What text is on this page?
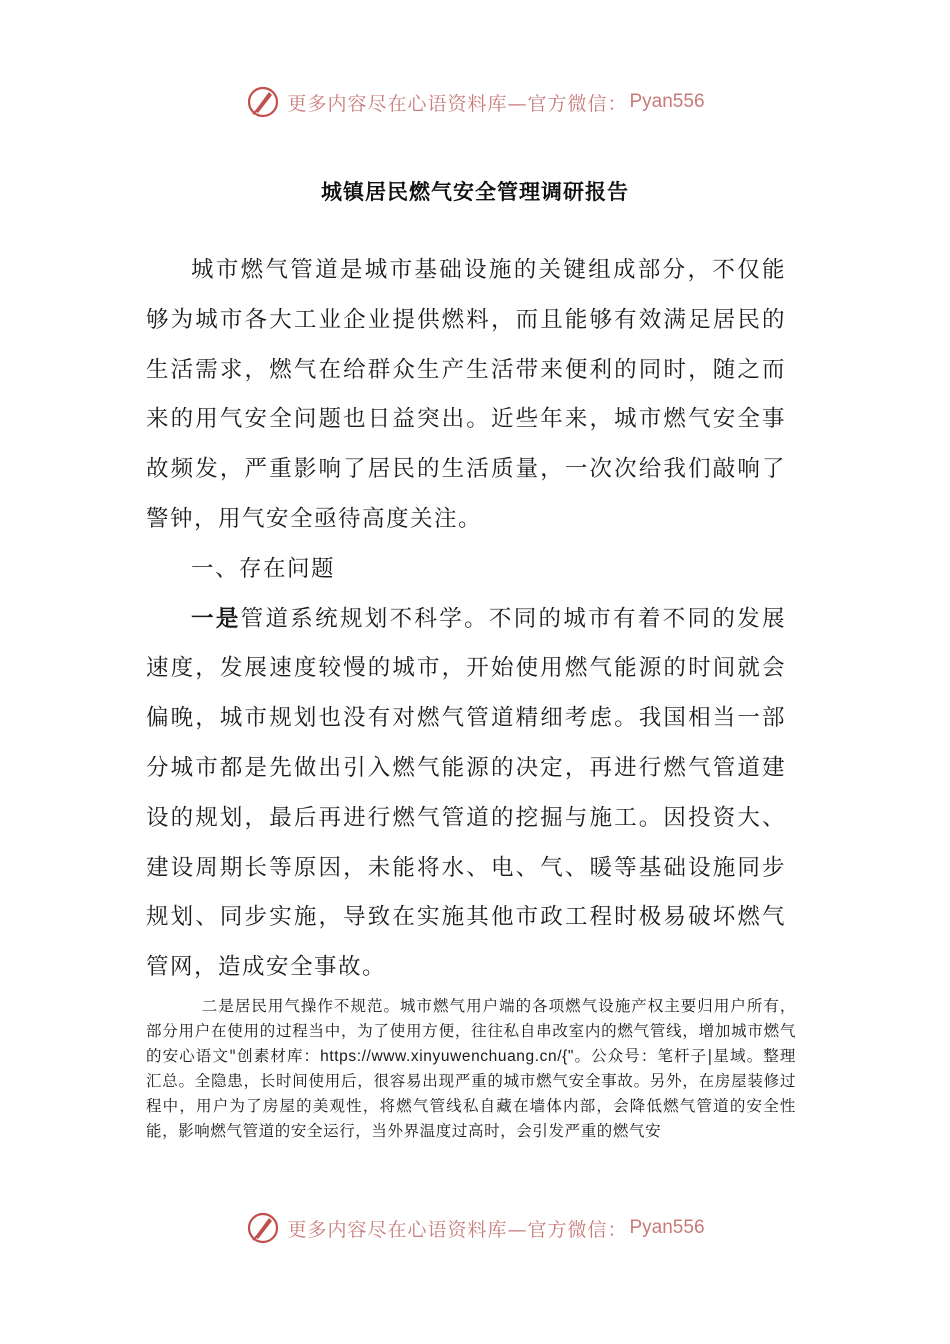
更多内容尽在心语资料库—官方微信： Pyan556
城镇居民燃气安全管理调研报告

城市燃气管道是城市基础设施的关键组成部分，不仅能够为城市各大工业企业提供燃料，而且能够有效满足居民的生活需求，燃气在给群众生产生活带来便利的同时，随之而来的用气安全问题也日益突出。近些年来，城市燃气安全事故频发，严重影响了居民的生活质量，一次次给我们敲响了警钟，用气安全亟待高度关注。

一、存在问题

一是管道系统规划不科学。不同的城市有着不同的发展速度，发展速度较慢的城市，开始使用燃气能源的时间就会偏晚，城市规划也没有对燃气管道精细考虑。我国相当一部分城市都是先做出引入燃气能源的决定，再进行燃气管道建设的规划，最后再进行燃气管道的挖掘与施工。因投资大、建设周期长等原因，未能将水、电、气、暖等基础设施同步规划、同步实施，导致在实施其他市政工程时极易破坏燃气管网，造成安全事故。

二是居民用气操作不规范。城市燃气用户端的各项燃气设施产权主要归用户所有，部分用户在使用的过程当中，为了使用方便，往往私自串改室内的燃气管线，增加城市燃气的安心语文"创素材库：https://www.xinyuwenchuang.cn/{"。公众号：笔杆子|星域。整理汇总。全隐患，长时间使用后，很容易出现严重的城市燃气安全事故。另外，在房屋装修过程中，用户为了房屋的美观性，将燃气管线私自藏在墙体内部，会降低燃气管道的安全性能，影响燃气管道的安全运行，当外界温度过高时，会引发严重的燃气安

更多内容尽在心语资料库—官方微信： Pyan556
